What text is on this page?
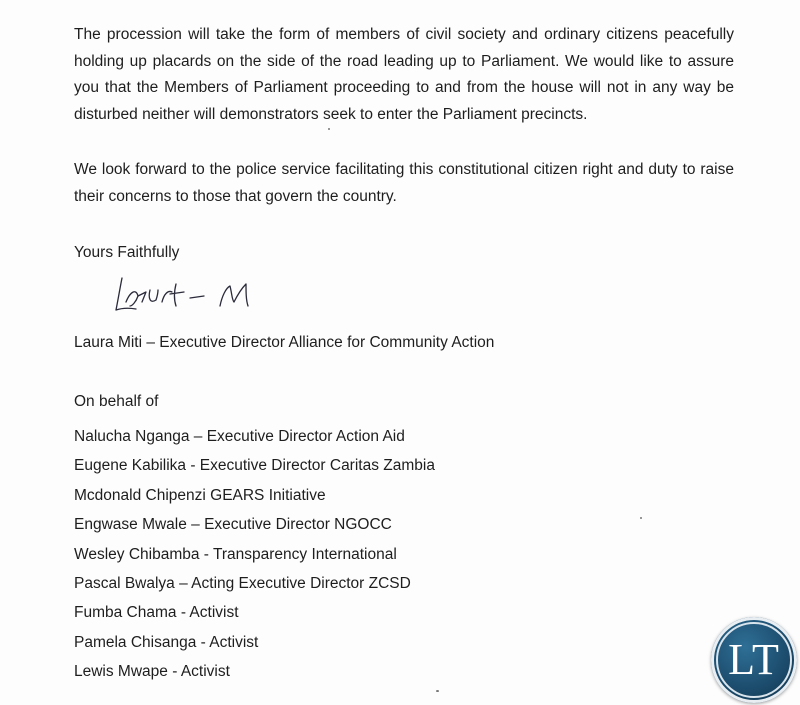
The procession will take the form of members of civil society and ordinary citizens peacefully holding up placards on the side of the road leading up to Parliament. We would like to assure you that the Members of Parliament proceeding to and from the house will not in any way be disturbed neither will demonstrators seek to enter the Parliament precincts.

We look forward to the police service facilitating this constitutional citizen right and duty to raise their concerns to those that govern the country.

Yours Faithfully
Laura Miti – Executive Director Alliance for Community Action
On behalf of
Nalucha Nganga – Executive Director Action Aid
Eugene Kabilika - Executive Director Caritas Zambia
Mcdonald Chipenzi GEARS Initiative
Engwase Mwale – Executive Director NGOCC
Wesley Chibamba - Transparency International
Pascal Bwalya – Acting Executive Director ZCSD
Fumba Chama - Activist
Pamela Chisanga - Activist
Lewis Mwape - Activist	LT
